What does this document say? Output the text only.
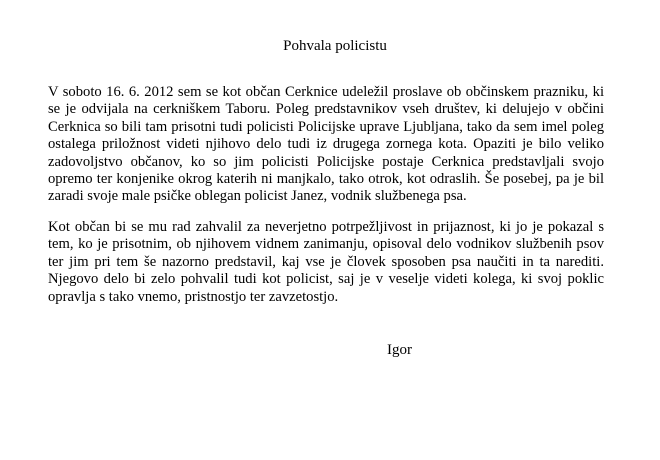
Pohvala policistu
V soboto 16. 6. 2012 sem se kot občan Cerknice udeležil proslave ob občinskem prazniku, ki
se je odvijala na cerkniškem Taboru. Poleg predstavnikov vseh društev, ki delujejo v občini
Cerknica so bili tam prisotni tudi policisti Policijske uprave Ljubljana, tako da sem imel poleg
ostalega priložnost videti njihovo delo tudi iz drugega zornega kota. Opaziti je bilo veliko
zadovoljstvo občanov, ko so jim policisti Policijske postaje Cerknica predstavljali svojo
opremo ter konjenike okrog katerih ni manjkalo, tako otrok, kot odraslih. Še posebej, pa je bil
zaradi svoje male psičke oblegan policist Janez, vodnik službenega psa.
Kot občan bi se mu rad zahvalil za neverjetno potrpežljivost in prijaznost, ki jo je pokazal s
tem, ko je prisotnim, ob njihovem vidnem zanimanju, opisoval delo vodnikov službenih psov
ter jim pri tem še nazorno predstavil, kaj vse je človek sposoben psa naučiti in ta narediti.
Njegovo delo bi zelo pohvalil tudi kot policist, saj je v veselje videti kolega, ki svoj poklic
opravlja s tako vnemo, pristnostjo ter zavzetostjo.
Igor
